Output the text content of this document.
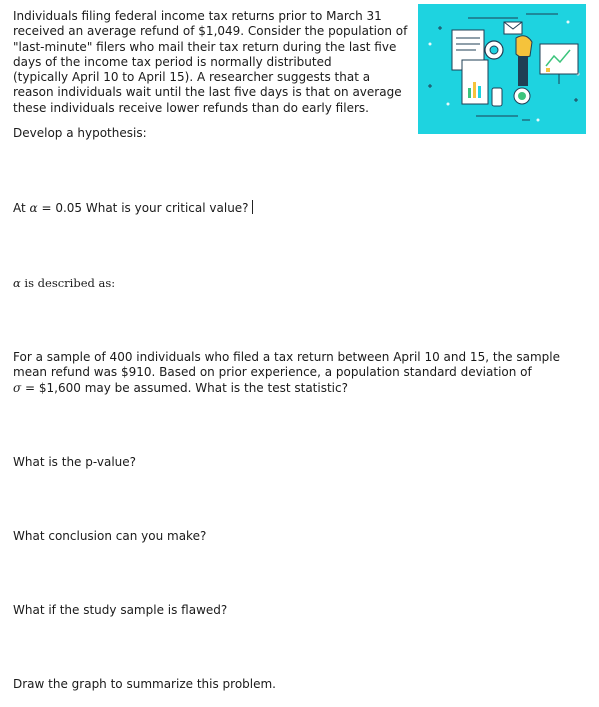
Individuals filing federal income tax returns prior to March 31
received an average refund of $1,049. Consider the population of
"last-minute" filers who mail their tax return during the last five
days of the income tax period is normally distributed
(typically April 10 to April 15). A researcher suggests that a
reason individuals wait until the last five days is that on average
these individuals receive lower refunds than do early filers.

Develop a hypothesis:

At α = 0.05 What is your critical value?

α is described as:

For a sample of 400 individuals who filed a tax return between April 10 and 15, the sample
mean refund was $910. Based on prior experience, a population standard deviation of
σ = $1,600 may be assumed. What is the test statistic?

What is the p-value?

What conclusion can you make?

What if the study sample is flawed?

Draw the graph to summarize this problem.
